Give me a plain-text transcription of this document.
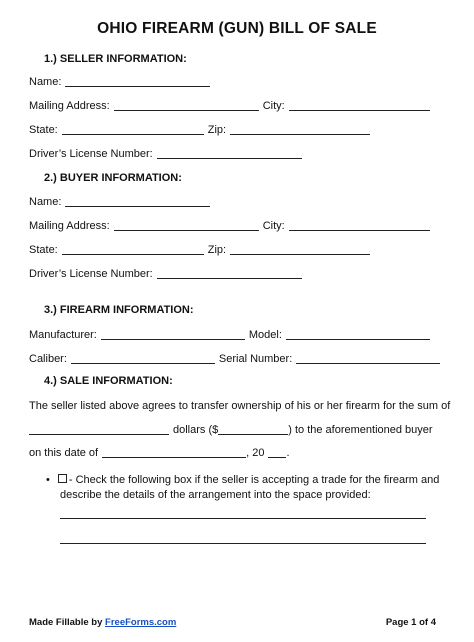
OHIO FIREARM (GUN) BILL OF SALE
1.) SELLER INFORMATION:
Name:
Mailing Address:	City:
State:	Zip:
Driver’s License Number:
2.) BUYER INFORMATION:
Name:
Mailing Address:	City:
State:	Zip:
Driver’s License Number:
3.) FIREARM INFORMATION:
Manufacturer:	Model:
Caliber:	Serial Number:
4.) SALE INFORMATION:
The seller listed above agrees to transfer ownership of his or her firearm for the sum of
dollars ($	) to the aforementioned buyer
on this date of	, 20 .
• - Check the following box if the seller is accepting a trade for the firearm and
describe the details of the arrangement into the space provided:
Made Fillable by FreeForms.com	Page 1 of 4
